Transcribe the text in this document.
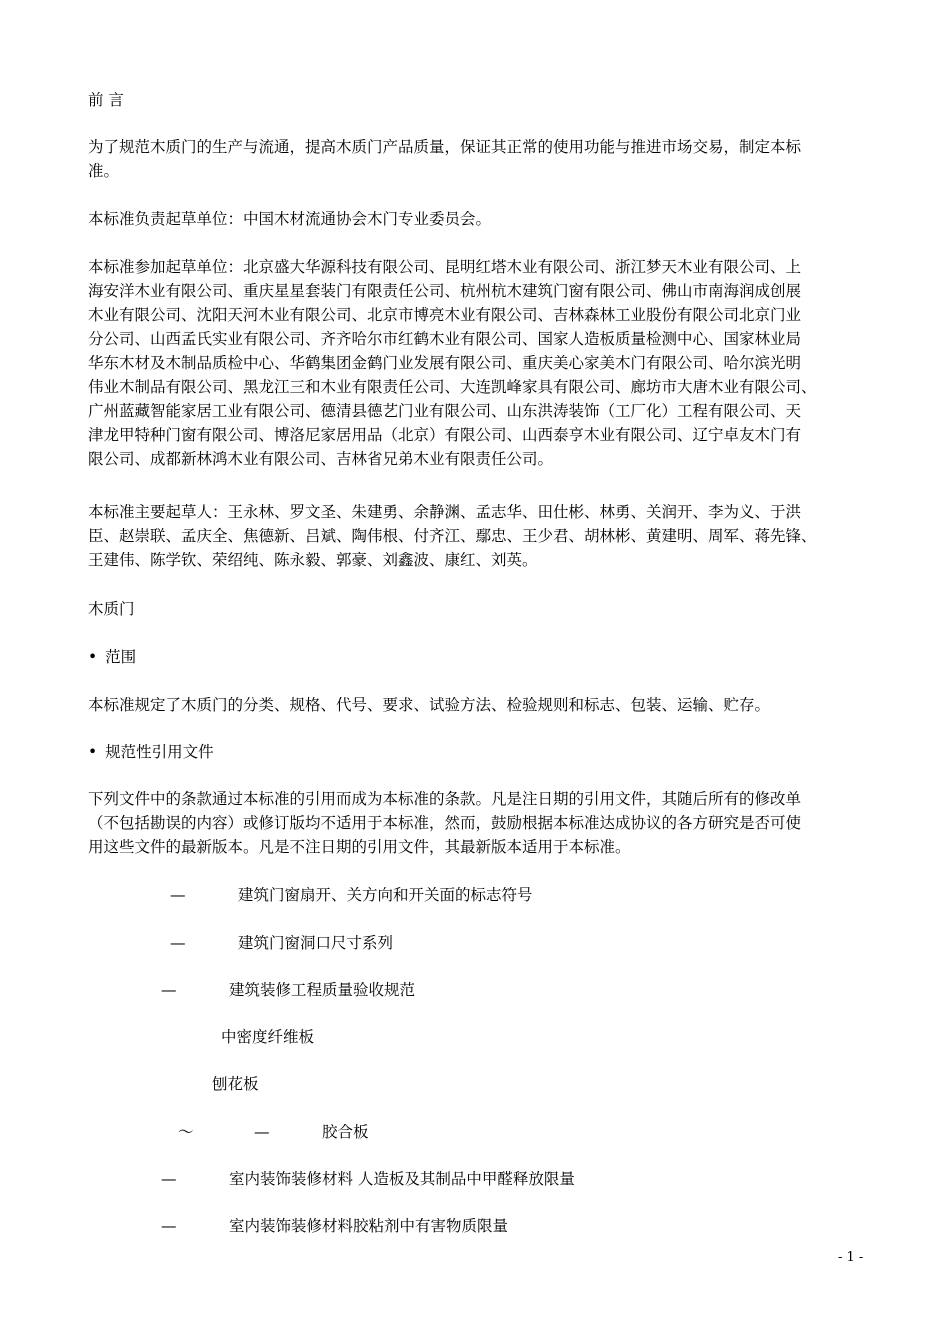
前 言
为了规范木质门的生产与流通，提高木质门产品质量，保证其正常的使用功能与推进市场交易，制定本标
准。
本标准负责起草单位：中国木材流通协会木门专业委员会。
本标准参加起草单位：北京盛大华源科技有限公司、昆明红塔木业有限公司、浙江梦天木业有限公司、上
海安洋木业有限公司、重庆星星套装门有限责任公司、杭州杭木建筑门窗有限公司、佛山市南海润成创展
木业有限公司、沈阳天河木业有限公司、北京市博亮木业有限公司、吉林森林工业股份有限公司北京门业
分公司、山西孟氏实业有限公司、齐齐哈尔市红鹤木业有限公司、国家人造板质量检测中心、国家林业局
华东木材及木制品质检中心、华鹤集团金鹤门业发展有限公司、重庆美心家美木门有限公司、哈尔滨光明
伟业木制品有限公司、黑龙江三和木业有限责任公司、大连凯峰家具有限公司、廊坊市大唐木业有限公司、
广州蓝藏智能家居工业有限公司、德清县德艺门业有限公司、山东洪涛装饰（工厂化）工程有限公司、天
津龙甲特种门窗有限公司、博洛尼家居用品（北京）有限公司、山西泰亨木业有限公司、辽宁卓友木门有
限公司、成都新林鸿木业有限公司、吉林省兄弟木业有限责任公司。
本标准主要起草人：王永林、罗文圣、朱建勇、余静渊、孟志华、田仕彬、林勇、关润开、李为义、于洪
臣、赵崇联、孟庆全、焦德新、吕斌、陶伟根、付齐江、鄢忠、王少君、胡林彬、黄建明、周军、蒋先锋、
王建伟、陈学钦、荣绍纯、陈永毅、郭豪、刘鑫波、康红、刘英。
木质门
• 范围
本标准规定了木质门的分类、规格、代号、要求、试验方法、检验规则和标志、包装、运输、贮存。
• 规范性引用文件
下列文件中的条款通过本标准的引用而成为本标准的条款。凡是注日期的引用文件，其随后所有的修改单
（不包括勘误的内容）或修订版均不适用于本标准，然而，鼓励根据本标准达成协议的各方研究是否可使
用这些文件的最新版本。凡是不注日期的引用文件，其最新版本适用于本标准。
—	建筑门窗扇开、关方向和开关面的标志符号
—	建筑门窗洞口尺寸系列
—	建筑装修工程质量验收规范
中密度纤维板
刨花板
～	—	胶合板
—	室内装饰装修材料 人造板及其制品中甲醛释放限量
—	室内装饰装修材料胶粘剂中有害物质限量
- 1 -
